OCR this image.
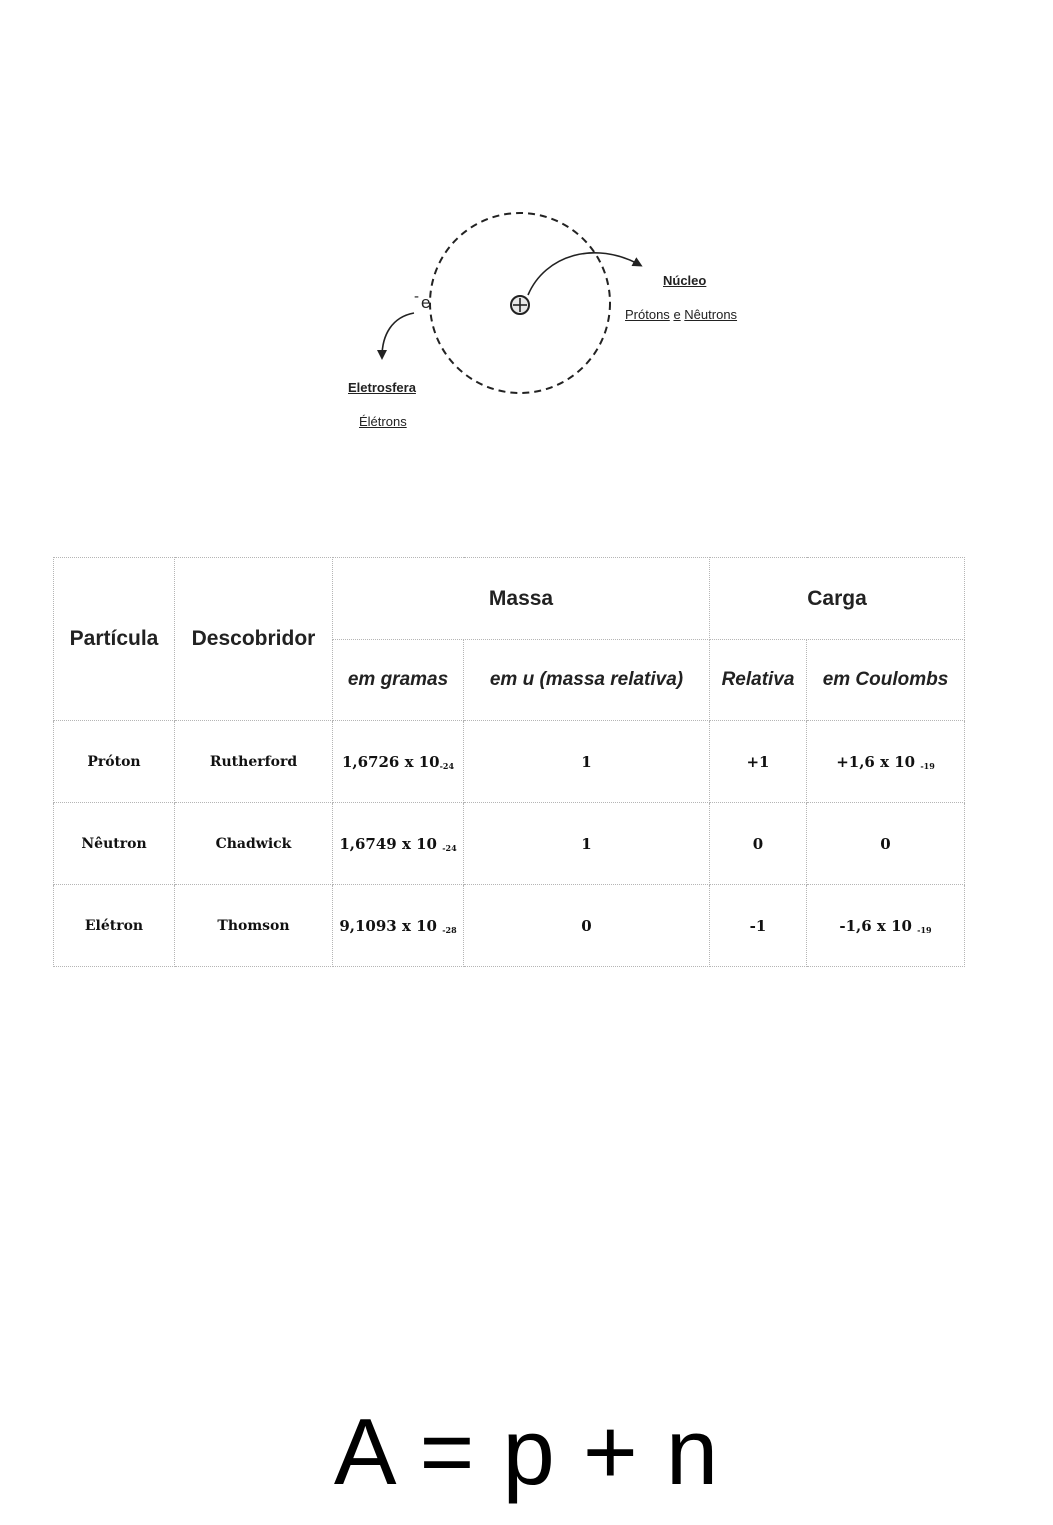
- e
Núcleo
Prótons e Nêutrons
Eletrosfera
Élétrons
Partícula	Descobridor	Massa		Carga	
		em gramas	em u (massa relativa)	Relativa	em Coulombs
Próton	Rutherford	1,6726 x $10_{-24}$	1	+1	+1,6 x 10 $_{-19}$
Nêutron	Chadwick	1,6749 x 10 $_{-24}$	1	0	0
Elétron	Thomson	9,1093 x 10 $_{-28}$	0	-1	-1,6 x 10 $_{-19}$
A = p + n
